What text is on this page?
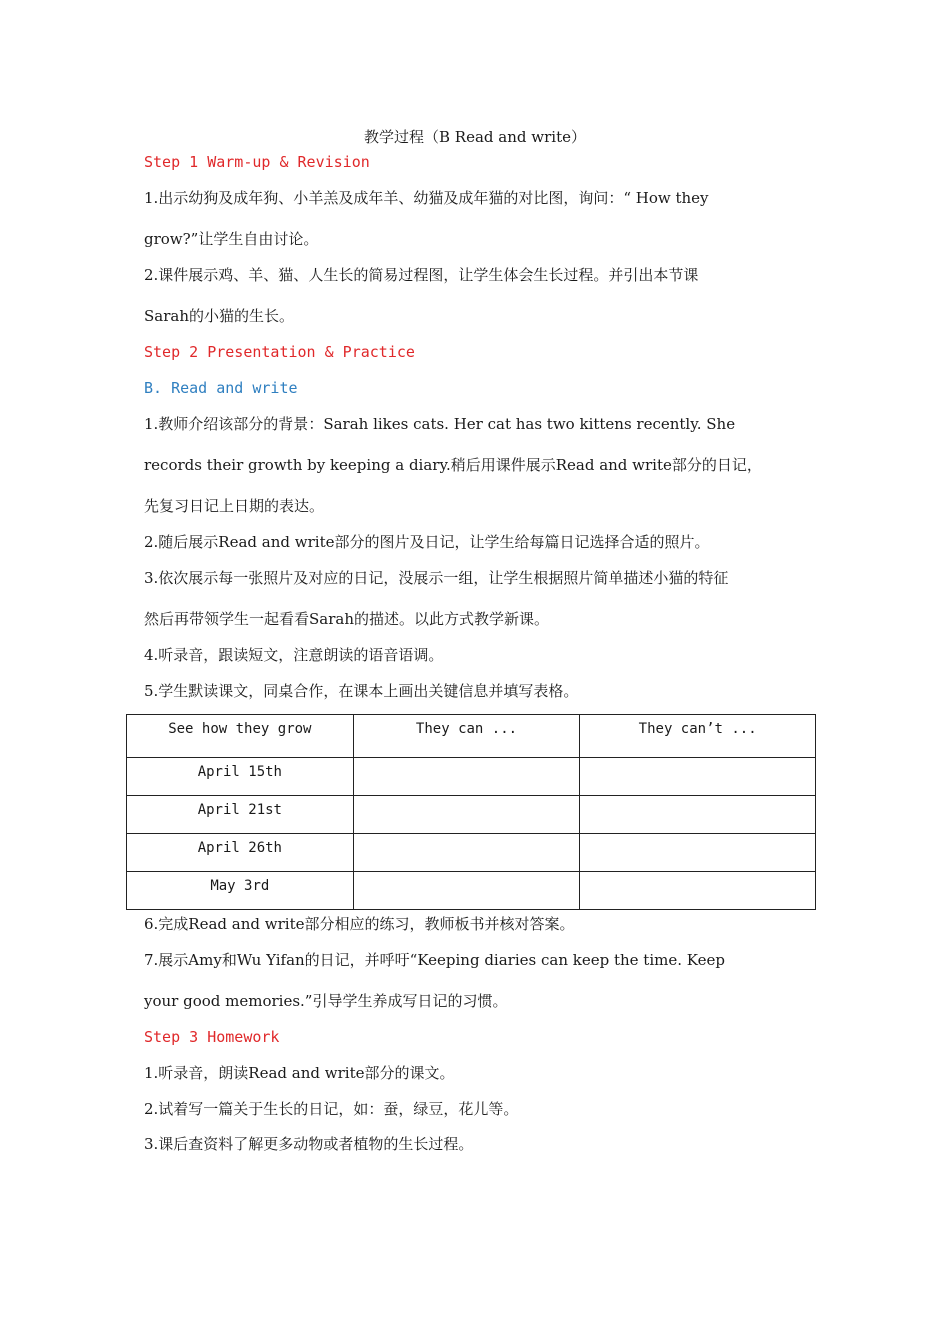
教学过程（B Read and write）
Step 1 Warm-up & Revision
1.出示幼狗及成年狗、小羊羔及成年羊、幼猫及成年猫的对比图，询问：“ How they
grow?”让学生自由讨论。
2.课件展示鸡、羊、猫、人生长的简易过程图，让学生体会生长过程。并引出本节课
Sarah的小猫的生长。
Step 2 Presentation & Practice
B. Read and write
1.教师介绍该部分的背景：Sarah likes cats. Her cat has two kittens recently. She
records their growth by keeping a diary.稍后用课件展示Read and write部分的日记，
先复习日记上日期的表达。
2.随后展示Read and write部分的图片及日记，让学生给每篇日记选择合适的照片。
3.依次展示每一张照片及对应的日记，没展示一组，让学生根据照片简单描述小猫的特征
然后再带领学生一起看看Sarah的描述。以此方式教学新课。
4.听录音，跟读短文，注意朗读的语音语调。
5.学生默读课文，同桌合作，在课本上画出关键信息并填写表格。
See how they grow	They can ...	They can’t ...
April 15th		
April 21st		
April 26th		
May 3rd		
6.完成Read and write部分相应的练习，教师板书并核对答案。
7.展示Amy和Wu Yifan的日记，并呼吁“Keeping diaries can keep the time. Keep
your good memories.”引导学生养成写日记的习惯。
Step 3 Homework
1.听录音，朗读Read and write部分的课文。
2.试着写一篇关于生长的日记，如：蚕，绿豆，花儿等。
3.课后查资料了解更多动物或者植物的生长过程。
